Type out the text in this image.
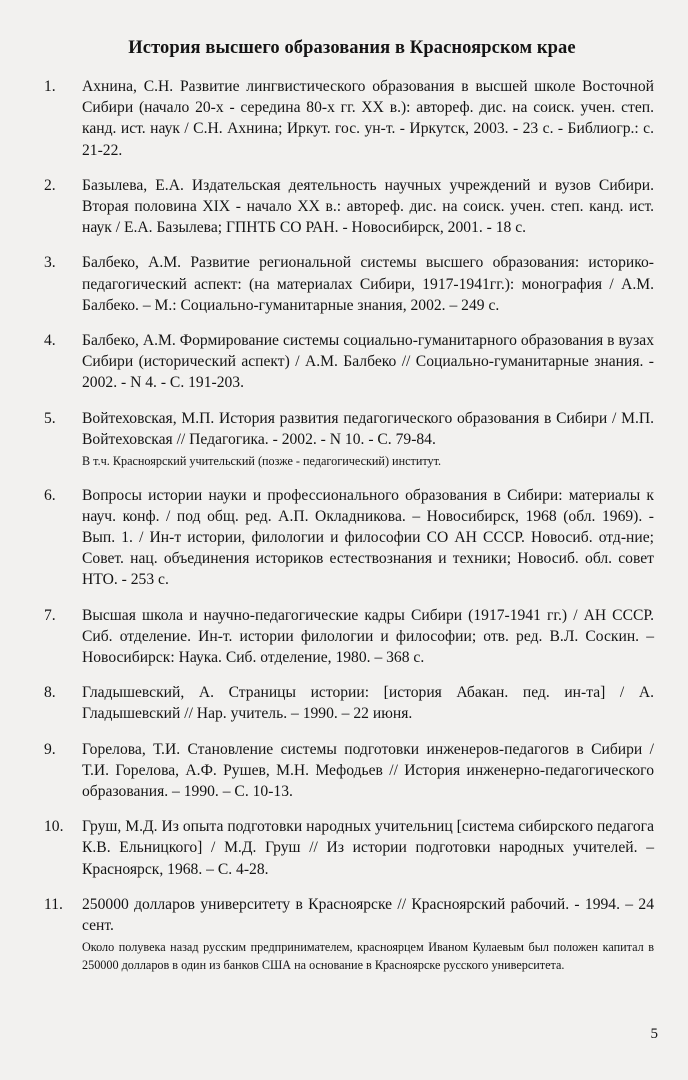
История высшего образования в Красноярском крае
1. Ахнина, С.Н. Развитие лингвистического образования в высшей школе Восточной Сибири (начало 20-х - середина 80-х гг. XX в.): автореф. дис. на соиск. учен. степ. канд. ист. наук / С.Н. Ахнина; Иркут. гос. ун-т. - Иркутск, 2003. - 23 с. - Библиогр.: с. 21-22.
2. Базылева, Е.А. Издательская деятельность научных учреждений и вузов Сибири. Вторая половина XIX - начало XX в.: автореф. дис. на соиск. учен. степ. канд. ист. наук / Е.А. Базылева; ГПНТБ СО РАН. - Новосибирск, 2001. - 18 с.
3. Балбеко, А.М. Развитие региональной системы высшего образования: историко-педагогический аспект: (на материалах Сибири, 1917-1941гг.): монография / А.М. Балбеко. – М.: Социально-гуманитарные знания, 2002. – 249 с.
4. Балбеко, А.М. Формирование системы социально-гуманитарного образования в вузах Сибири (исторический аспект) / А.М. Балбеко // Социально-гуманитарные знания. - 2002. - N 4. - С. 191-203.
5. Войтеховская, М.П. История развития педагогического образования в Сибири / М.П. Войтеховская // Педагогика. - 2002. - N 10. - С. 79-84.
В т.ч. Красноярский учительский (позже - педагогический) институт.
6. Вопросы истории науки и профессионального образования в Сибири: материалы к науч. конф. / под общ. ред. А.П. Окладникова. – Новосибирск, 1968 (обл. 1969). - Вып. 1. / Ин-т истории, филологии и философии СО АН СССР. Новосиб. отд-ние; Совет. нац. объединения историков естествознания и техники; Новосиб. обл. совет НТО. - 253 с.
7. Высшая школа и научно-педагогические кадры Сибири (1917-1941 гг.) / АН СССР. Сиб. отделение. Ин-т. истории филологии и философии; отв. ред. В.Л. Соскин. – Новосибирск: Наука. Сиб. отделение, 1980. – 368 с.
8. Гладышевский, А. Страницы истории: [история Абакан. пед. ин-та] / А. Гладышевский // Нар. учитель. – 1990. – 22 июня.
9. Горелова, Т.И. Становление системы подготовки инженеров-педагогов в Сибири / Т.И. Горелова, А.Ф. Рушев, М.Н. Мефодьев // История инженерно-педагогического образования. – 1990. – С. 10-13.
10. Груш, М.Д. Из опыта подготовки народных учительниц [система сибирского педагога К.В. Ельницкого] / М.Д. Груш // Из истории подготовки народных учителей. – Красноярск, 1968. – С. 4-28.
11. 250000 долларов университету в Красноярске // Красноярский рабочий. - 1994. – 24 сент.
Около полувека назад русским предпринимателем, красноярцем Иваном Кулаевым был положен капитал в 250000 долларов в один из банков США на основание в Красноярске русского университета.
5
